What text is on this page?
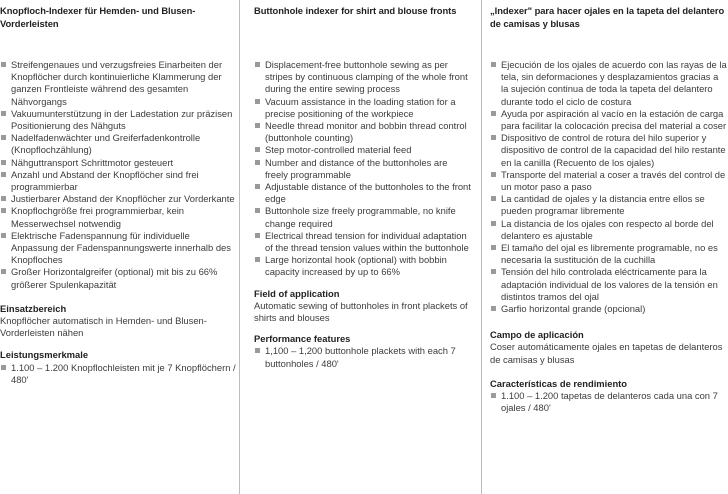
Knopfloch-Indexer für Hemden- und Blusen-Vorderleisten
Streifengenaues und verzugsfreies Einarbeiten der Knopflöcher durch kontinuierliche Klammerung der ganzen Frontleiste während des gesamten Nähvorgangs
Vakuumunterstützung in der Ladestation zur präzisen Positionierung des Nähguts
Nadelfadenwächter und Greiferfadenkontrolle (Knopflochzählung)
Nähguttransport Schrittmotor gesteuert
Anzahl und Abstand der Knopflöcher sind frei programmierbar
Justierbarer Abstand der Knopflöcher zur Vorderkante
Knopflochgröße frei programmierbar, kein Messerwechsel notwendig
Elektrische Fadenspannung für individuelle Anpassung der Fadenspannungswerte innerhalb des Knopfloches
Großer Horizontalgreifer (optional) mit bis zu 66% größerer Spulenkapazität
Einsatzbereich

Knopflöcher automatisch in Hemden- und Blusen-Vorderleisten nähen

Leistungsmerkmale
1.100 – 1.200 Knopflochleisten mit je 7 Knopflöchern / 480'
Buttonhole indexer for shirt and blouse fronts
Displacement-free buttonhole sewing as per stripes by continuous clamping of the whole front during the entire sewing process
Vacuum assistance in the loading station for a precise positioning of the workpiece
Needle thread monitor and bobbin thread control (buttonhole counting)
Step motor-controlled material feed
Number and distance of the buttonholes are freely programmable
Adjustable distance of the buttonholes to the front edge
Buttonhole size freely programmable, no knife change required
Electrical thread tension for individual adaptation of the thread tension values within the buttonhole
Large horizontal hook (optional) with bobbin capacity increased by up to 66%
Field of application

Automatic sewing of buttonholes in front plackets of shirts and blouses

Performance features
1,100 – 1,200 buttonhole plackets with each 7 buttonholes / 480'
„Indexer" para hacer ojales en la tapeta del delantero de camisas y blusas
Ejecución de los ojales de acuerdo con las rayas de la tela, sin deformaciones y desplazamientos gracias a la sujeción continua de toda la tapeta del delantero durante todo el ciclo de costura
Ayuda por aspiración al vacío en la estación de carga para facilitar la colocación precisa del material a coser
Dispositivo de control de rotura del hilo superior y dispositivo de control de la capacidad del hilo restante en la canilla (Recuento de los ojales)
Transporte del material a coser a través del control de un motor paso a paso
La cantidad de ojales y la distancia entre ellos se pueden programar libremente
La distancia de los ojales con respecto al borde del delantero es ajustable
El tamaño del ojal es libremente programable, no es necesaria la sustitución de la cuchilla
Tensión del hilo controlada eléctricamente para la adaptación individual de los valores de la tensión en distintos tramos del ojal
Garfio horizontal grande (opcional)
Campo de aplicación

Coser automáticamente ojales en tapetas de delanteros de camisas y blusas

Características de rendimiento
1.100 – 1.200 tapetas de delanteros cada una con 7 ojales / 480'
